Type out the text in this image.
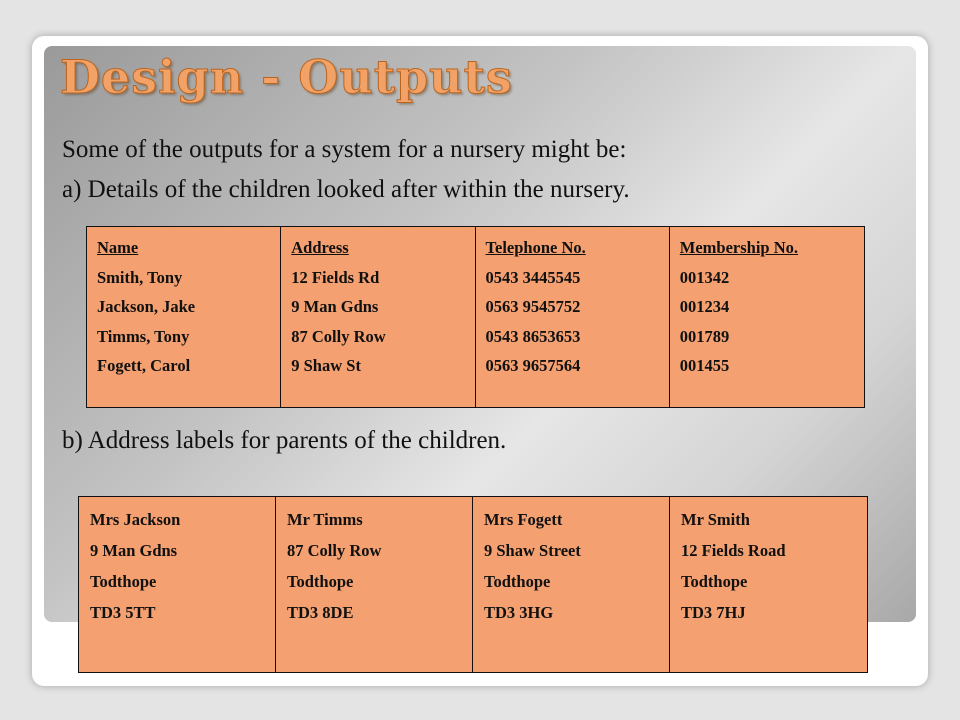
Design - Outputs

Some of the outputs for a system for a nursery might be:

a) Details of the children looked after within the nursery.

Name
Smith, Tony
Jackson, Jake
Timms, Tony
Fogett, Carol
Address
12 Fields Rd
9 Man Gdns
87 Colly Row
9 Shaw St
Telephone No.
0543 3445545
0563 9545752
0543 8653653
0563 9657564
Membership No.
001342
001234
001789
001455

b) Address labels for parents of the children.

Mrs Jackson
9 Man Gdns
Todthope
TD3 5TT
Mr Timms
87 Colly Row
Todthope
TD3 8DE
Mrs Fogett
9 Shaw Street
Todthope
TD3 3HG
Mr Smith
12 Fields Road
Todthope
TD3 7HJ
